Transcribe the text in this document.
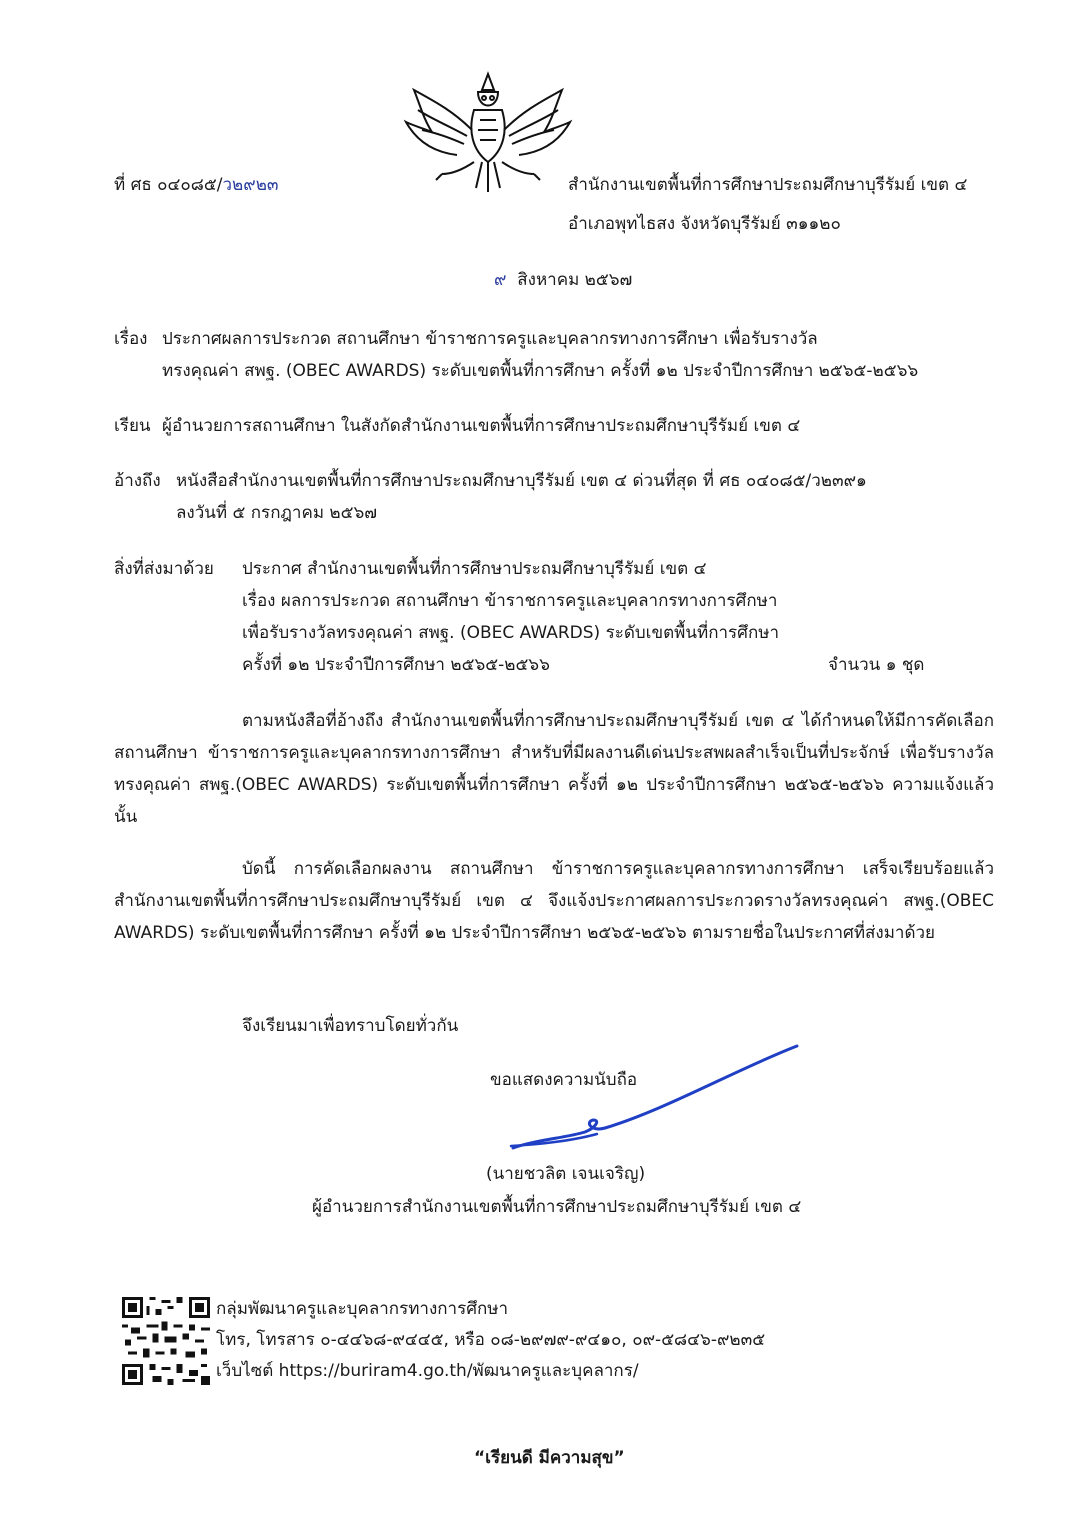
ที่ ศธ ๐๔๐๘๕/ว๒๙๒๓	สำนักงานเขตพื้นที่การศึกษาประถมศึกษาบุรีรัมย์ เขต ๔
อำเภอพุทไธสง จังหวัดบุรีรัมย์ ๓๑๑๒๐
๙ สิงหาคม ๒๕๖๗
เรื่อง ประกาศผลการประกวด สถานศึกษา ข้าราชการครูและบุคลากรทางการศึกษา เพื่อรับรางวัล
ทรงคุณค่า สพฐ. (OBEC AWARDS) ระดับเขตพื้นที่การศึกษา ครั้งที่ ๑๒ ประจำปีการศึกษา ๒๕๖๕-๒๕๖๖
เรียน ผู้อำนวยการสถานศึกษา ในสังกัดสำนักงานเขตพื้นที่การศึกษาประถมศึกษาบุรีรัมย์ เขต ๔
อ้างถึง หนังสือสำนักงานเขตพื้นที่การศึกษาประถมศึกษาบุรีรัมย์ เขต ๔ ด่วนที่สุด ที่ ศธ ๐๔๐๘๕/ว๒๓๙๑
ลงวันที่ ๕ กรกฎาคม ๒๕๖๗
สิ่งที่ส่งมาด้วย ประกาศ สำนักงานเขตพื้นที่การศึกษาประถมศึกษาบุรีรัมย์ เขต ๔
เรื่อง ผลการประกวด สถานศึกษา ข้าราชการครูและบุคลากรทางการศึกษา
เพื่อรับรางวัลทรงคุณค่า สพฐ. (OBEC AWARDS) ระดับเขตพื้นที่การศึกษา
ครั้งที่ ๑๒ ประจำปีการศึกษา ๒๕๖๕-๒๕๖๖	จำนวน ๑ ชุด
ตามหนังสือที่อ้างถึง สำนักงานเขตพื้นที่การศึกษาประถมศึกษาบุรีรัมย์ เขต ๔ ได้กำหนดให้มีการคัดเลือก สถานศึกษา ข้าราชการครูและบุคลากรทางการศึกษา สำหรับที่มีผลงานดีเด่นประสพผลสำเร็จเป็นที่ประจักษ์ เพื่อรับรางวัลทรงคุณค่า สพฐ.(OBEC AWARDS) ระดับเขตพื้นที่การศึกษา ครั้งที่ ๑๒ ประจำปีการศึกษา ๒๕๖๕-๒๕๖๖ ความแจ้งแล้วนั้น
บัดนี้ การคัดเลือกผลงาน สถานศึกษา ข้าราชการครูและบุคลากรทางการศึกษา เสร็จเรียบร้อยแล้ว สำนักงานเขตพื้นที่การศึกษาประถมศึกษาบุรีรัมย์ เขต ๔ จึงแจ้งประกาศผลการประกวดรางวัลทรงคุณค่า สพฐ.(OBEC AWARDS) ระดับเขตพื้นที่การศึกษา ครั้งที่ ๑๒ ประจำปีการศึกษา ๒๕๖๕-๒๕๖๖ ตามรายชื่อในประกาศที่ส่งมาด้วย
จึงเรียนมาเพื่อทราบโดยทั่วกัน
ขอแสดงความนับถือ
(นายชวลิต เจนเจริญ)
ผู้อำนวยการสำนักงานเขตพื้นที่การศึกษาประถมศึกษาบุรีรัมย์ เขต ๔
กลุ่มพัฒนาครูและบุคลากรทางการศึกษา
โทร, โทรสาร ๐-๔๔๖๘-๙๔๔๕, หรือ ๐๘-๒๙๗๙-๙๔๑๐, ๐๙-๕๘๔๖-๙๒๓๕
เว็บไซต์ https://buriram4.go.th/พัฒนาครูและบุคลากร/
“เรียนดี มีความสุข”
